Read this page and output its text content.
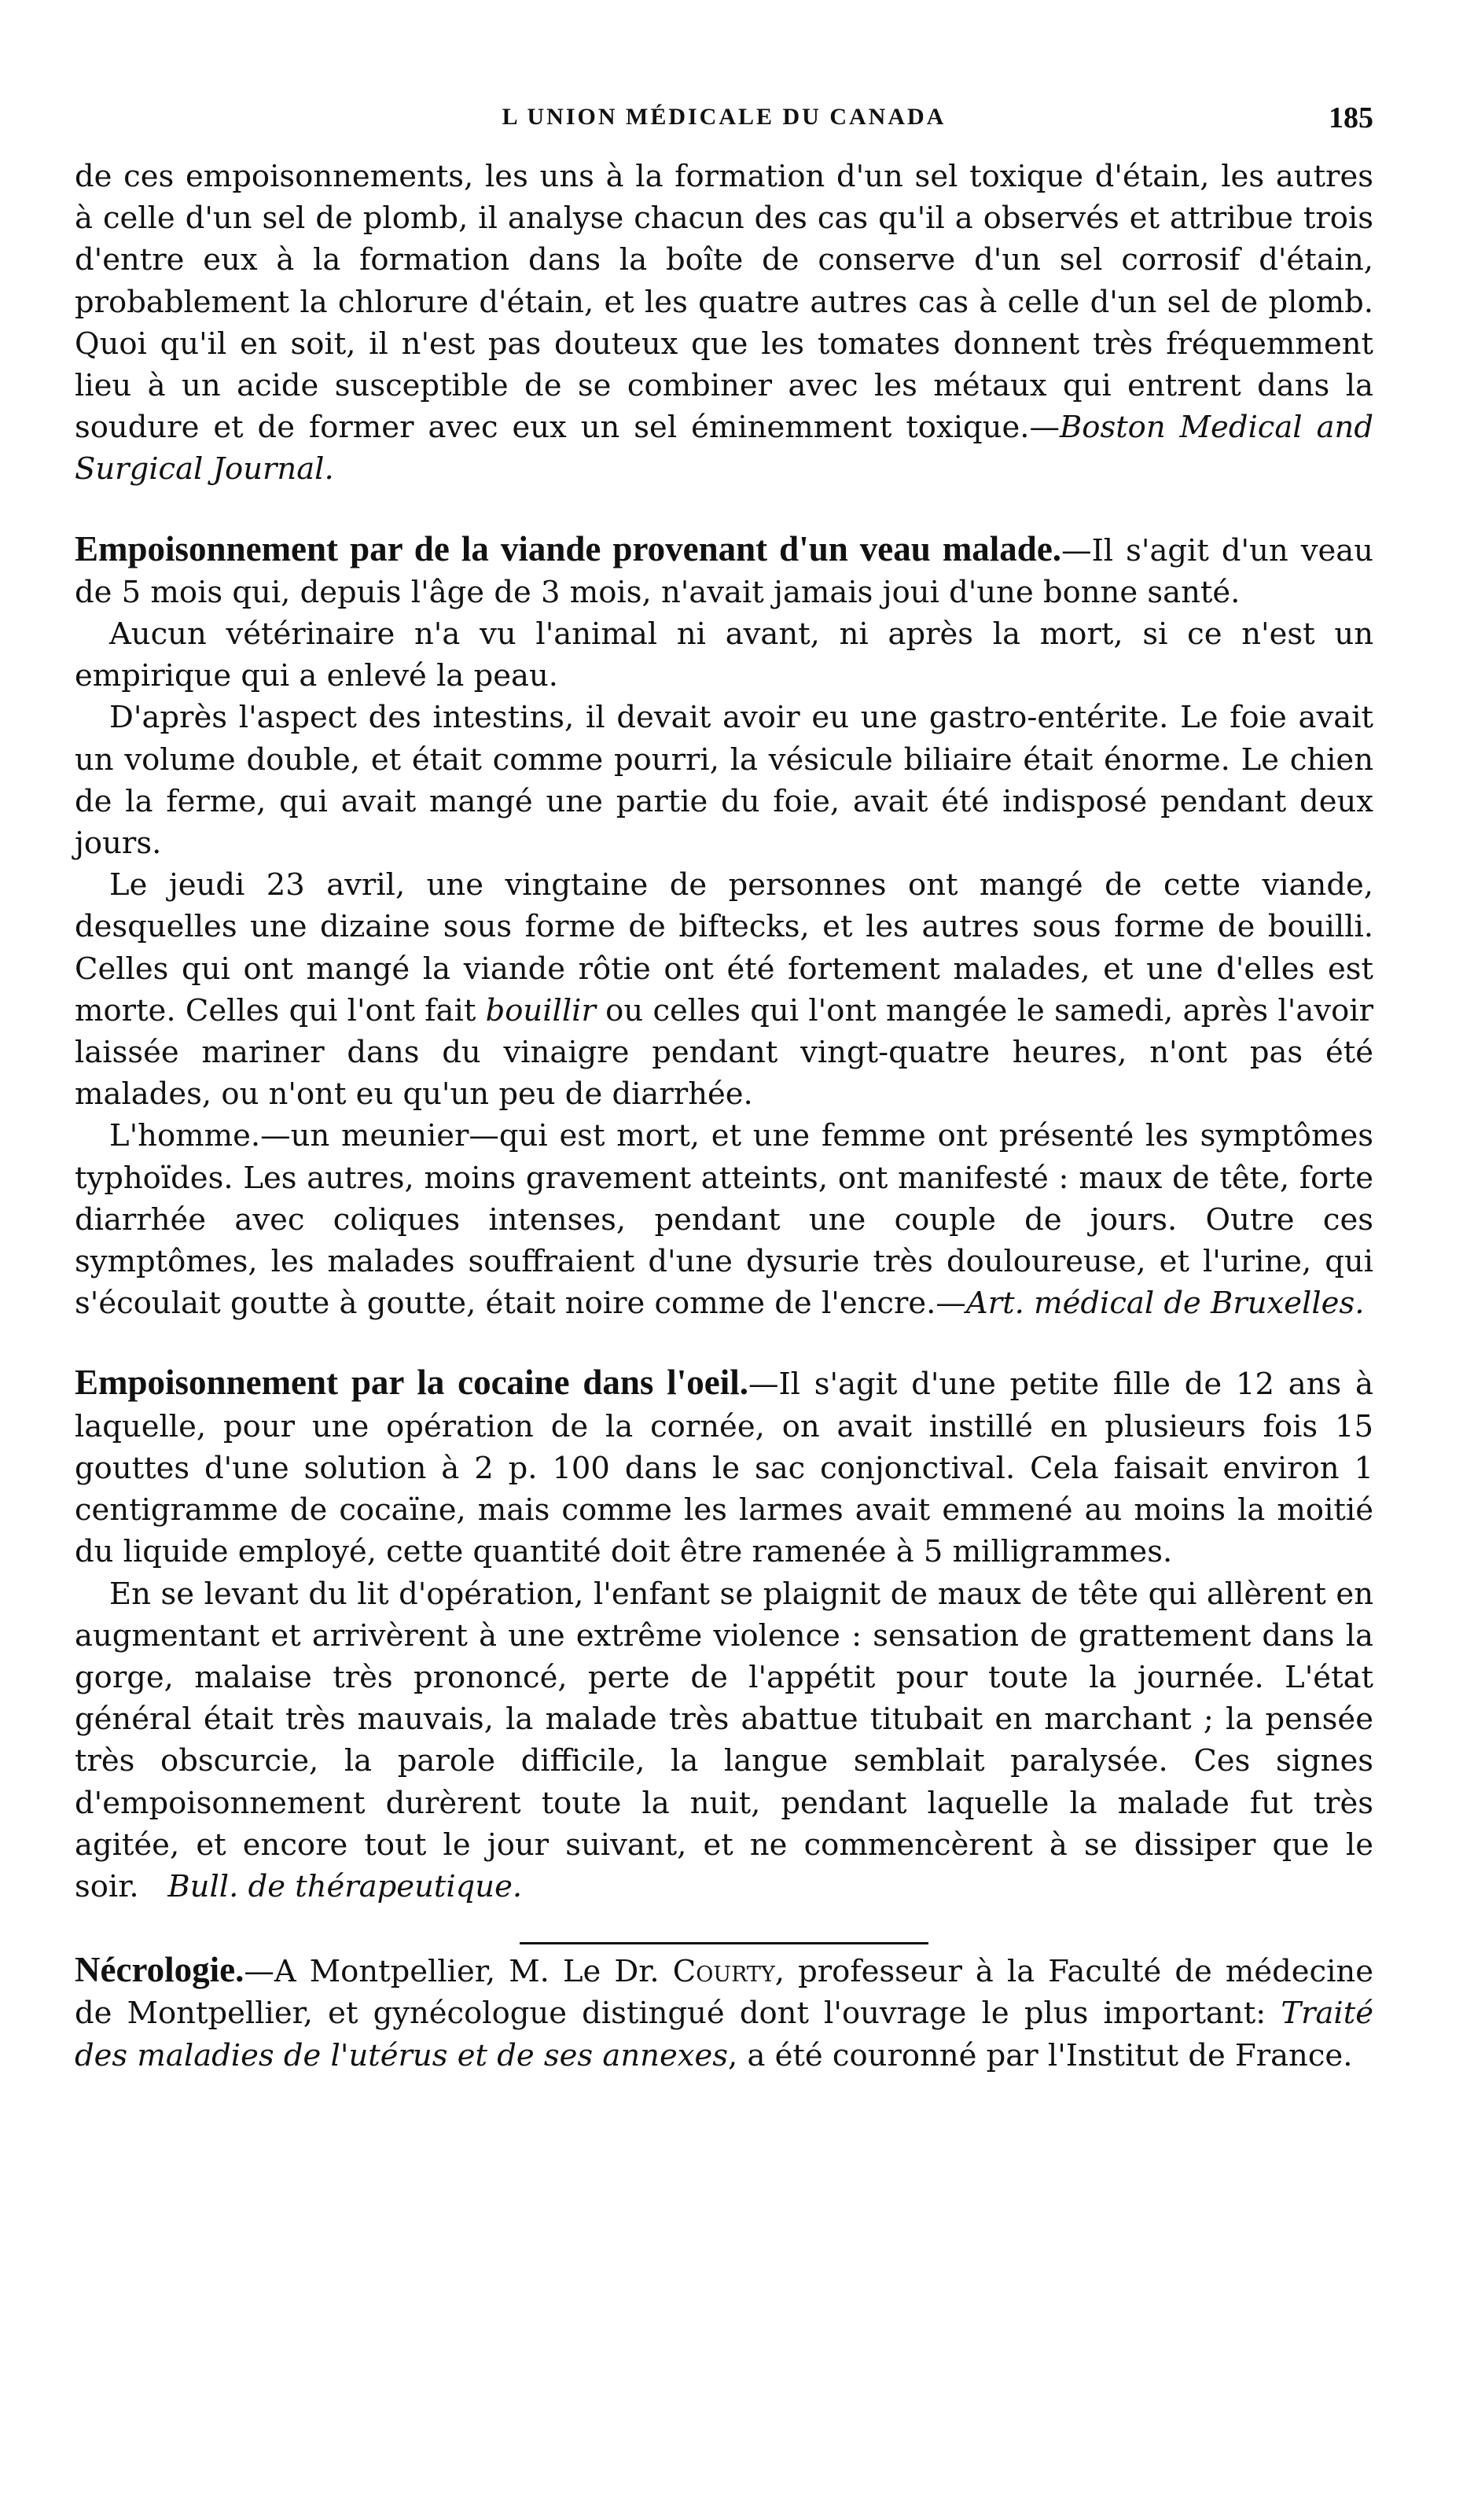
L UNION MÉDICALE DU CANADA	185

de ces empoisonnements, les uns à la formation d'un sel toxique d'étain, les autres à celle d'un sel de plomb, il analyse chacun des cas qu'il a observés et attribue trois d'entre eux à la formation dans la boîte de conserve d'un sel corrosif d'étain, probablement la chlorure d'étain, et les quatre autres cas à celle d'un sel de plomb. Quoi qu'il en soit, il n'est pas douteux que les tomates donnent très fréquemment lieu à un acide susceptible de se combiner avec les métaux qui entrent dans la soudure et de former avec eux un sel éminemment toxique.—Boston Medical and Surgical Journal.

Empoisonnement par de la viande provenant d'un veau malade.—Il s'agit d'un veau de 5 mois qui, depuis l'âge de 3 mois, n'avait jamais joui d'une bonne santé.

Aucun vétérinaire n'a vu l'animal ni avant, ni après la mort, si ce n'est un empirique qui a enlevé la peau.

D'après l'aspect des intestins, il devait avoir eu une gastro-entérite. Le foie avait un volume double, et était comme pourri, la vésicule biliaire était énorme. Le chien de la ferme, qui avait mangé une partie du foie, avait été indisposé pendant deux jours.

Le jeudi 23 avril, une vingtaine de personnes ont mangé de cette viande, desquelles une dizaine sous forme de biftecks, et les autres sous forme de bouilli. Celles qui ont mangé la viande rôtie ont été fortement malades, et une d'elles est morte. Celles qui l'ont fait bouillir ou celles qui l'ont mangée le samedi, après l'avoir laissée mariner dans du vinaigre pendant vingt-quatre heures, n'ont pas été malades, ou n'ont eu qu'un peu de diarrhée.

L'homme.—un meunier—qui est mort, et une femme ont présenté les symptômes typhoïdes. Les autres, moins gravement atteints, ont manifesté : maux de tête, forte diarrhée avec coliques intenses, pendant une couple de jours. Outre ces symptômes, les malades souffraient d'une dysurie très douloureuse, et l'urine, qui s'écoulait goutte à goutte, était noire comme de l'encre.—Art. médical de Bruxelles.

Empoisonnement par la cocaine dans l'oeil.—Il s'agit d'une petite fille de 12 ans à laquelle, pour une opération de la cornée, on avait instillé en plusieurs fois 15 gouttes d'une solution à 2 p. 100 dans le sac conjonctival. Cela faisait environ 1 centigramme de cocaïne, mais comme les larmes avait emmené au moins la moitié du liquide employé, cette quantité doit être ramenée à 5 milligrammes.

En se levant du lit d'opération, l'enfant se plaignit de maux de tête qui allèrent en augmentant et arrivèrent à une extrême violence : sensation de grattement dans la gorge, malaise très prononcé, perte de l'appétit pour toute la journée. L'état général était très mauvais, la malade très abattue titubait en marchant ; la pensée très obscurcie, la parole difficile, la langue semblait paralysée. Ces signes d'empoisonnement durèrent toute la nuit, pendant laquelle la malade fut très agitée, et encore tout le jour suivant, et ne commencèrent à se dissiper que le soir. Bull. de thérapeutique.

Nécrologie.—A Montpellier, M. Le Dr. Courty, professeur à la Faculté de médecine de Montpellier, et gynécologue distingué dont l'ouvrage le plus important: Traité des maladies de l'utérus et de ses annexes, a été couronné par l'Institut de France.
